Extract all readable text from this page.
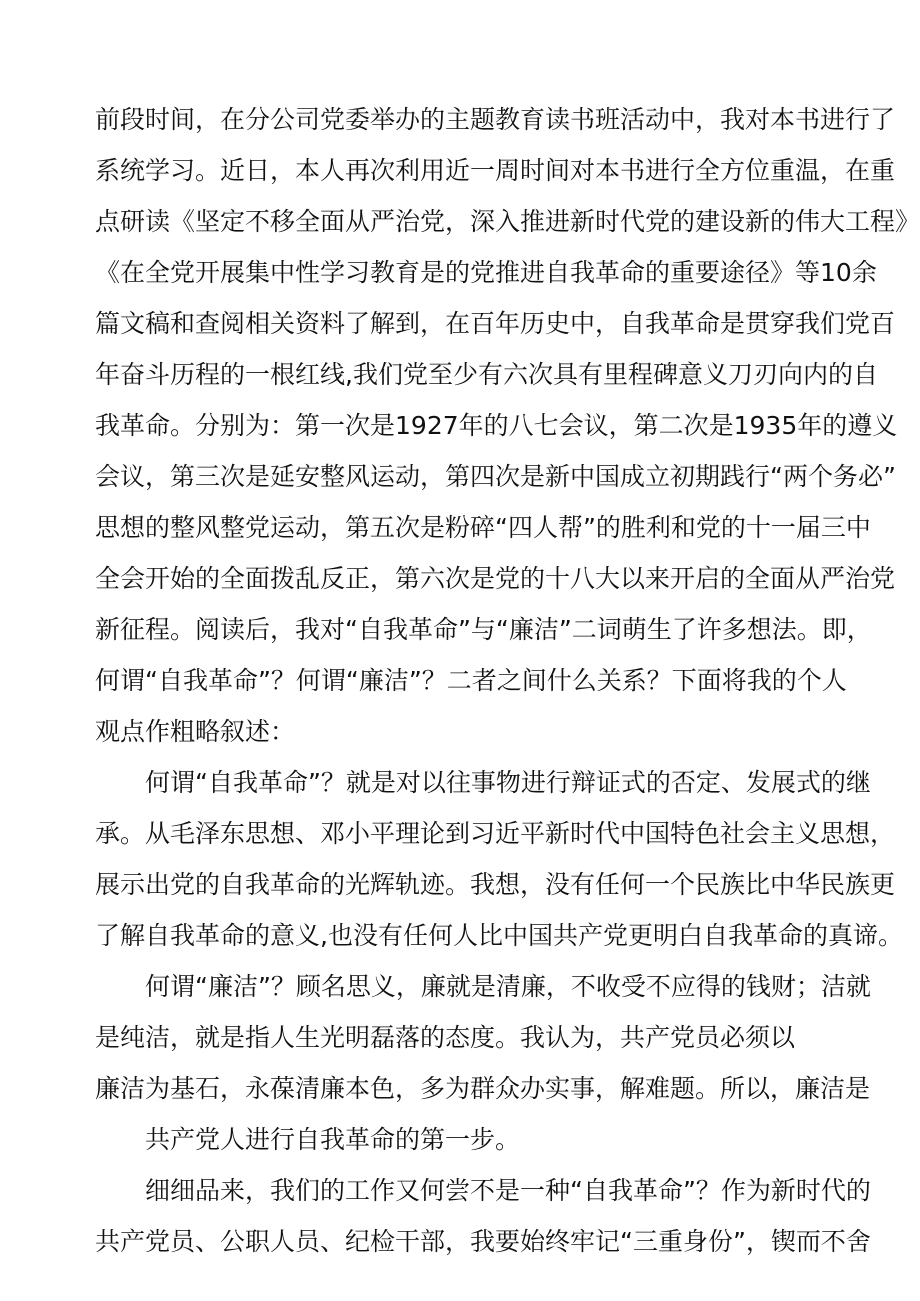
前段时间，在分公司党委举办的主题教育读书班活动中，我对本书进行了
系统学习。近日，本人再次利用近一周时间对本书进行全方位重温，在重
点研读《坚定不移全面从严治党，深入推进新时代党的建设新的伟大工程》
《在全党开展集中性学习教育是的党推进自我革命的重要途径》等10余
篇文稿和查阅相关资料了解到，在百年历史中，自我革命是贯穿我们党百
年奋斗历程的一根红线,我们党至少有六次具有里程碑意义刀刃向内的自
我革命。分别为：第一次是1927年的八七会议，第二次是1935年的遵义
会议，第三次是延安整风运动，第四次是新中国成立初期践行“两个务必”
思想的整风整党运动，第五次是粉碎“四人帮”的胜利和党的十一届三中
全会开始的全面拨乱反正，第六次是党的十八大以来开启的全面从严治党
新征程。阅读后，我对“自我革命”与“廉洁”二词萌生了许多想法。即，
何谓“自我革命”？何谓“廉洁”？二者之间什么关系？下面将我的个人
观点作粗略叙述：
何谓“自我革命”？就是对以往事物进行辩证式的否定、发展式的继
承。从毛泽东思想、邓小平理论到习近平新时代中国特色社会主义思想，
展示出党的自我革命的光辉轨迹。我想，没有任何一个民族比中华民族更
了解自我革命的意义,也没有任何人比中国共产党更明白自我革命的真谛。
何谓“廉洁”？顾名思义，廉就是清廉，不收受不应得的钱财；洁就
是纯洁，就是指人生光明磊落的态度。我认为，共产党员必须以
廉洁为基石，永葆清廉本色，多为群众办实事，解难题。所以，廉洁是
共产党人进行自我革命的第一步。
细细品来，我们的工作又何尝不是一种“自我革命”？作为新时代的
共产党员、公职人员、纪检干部，我要始终牢记“三重身份”，锲而不舍
